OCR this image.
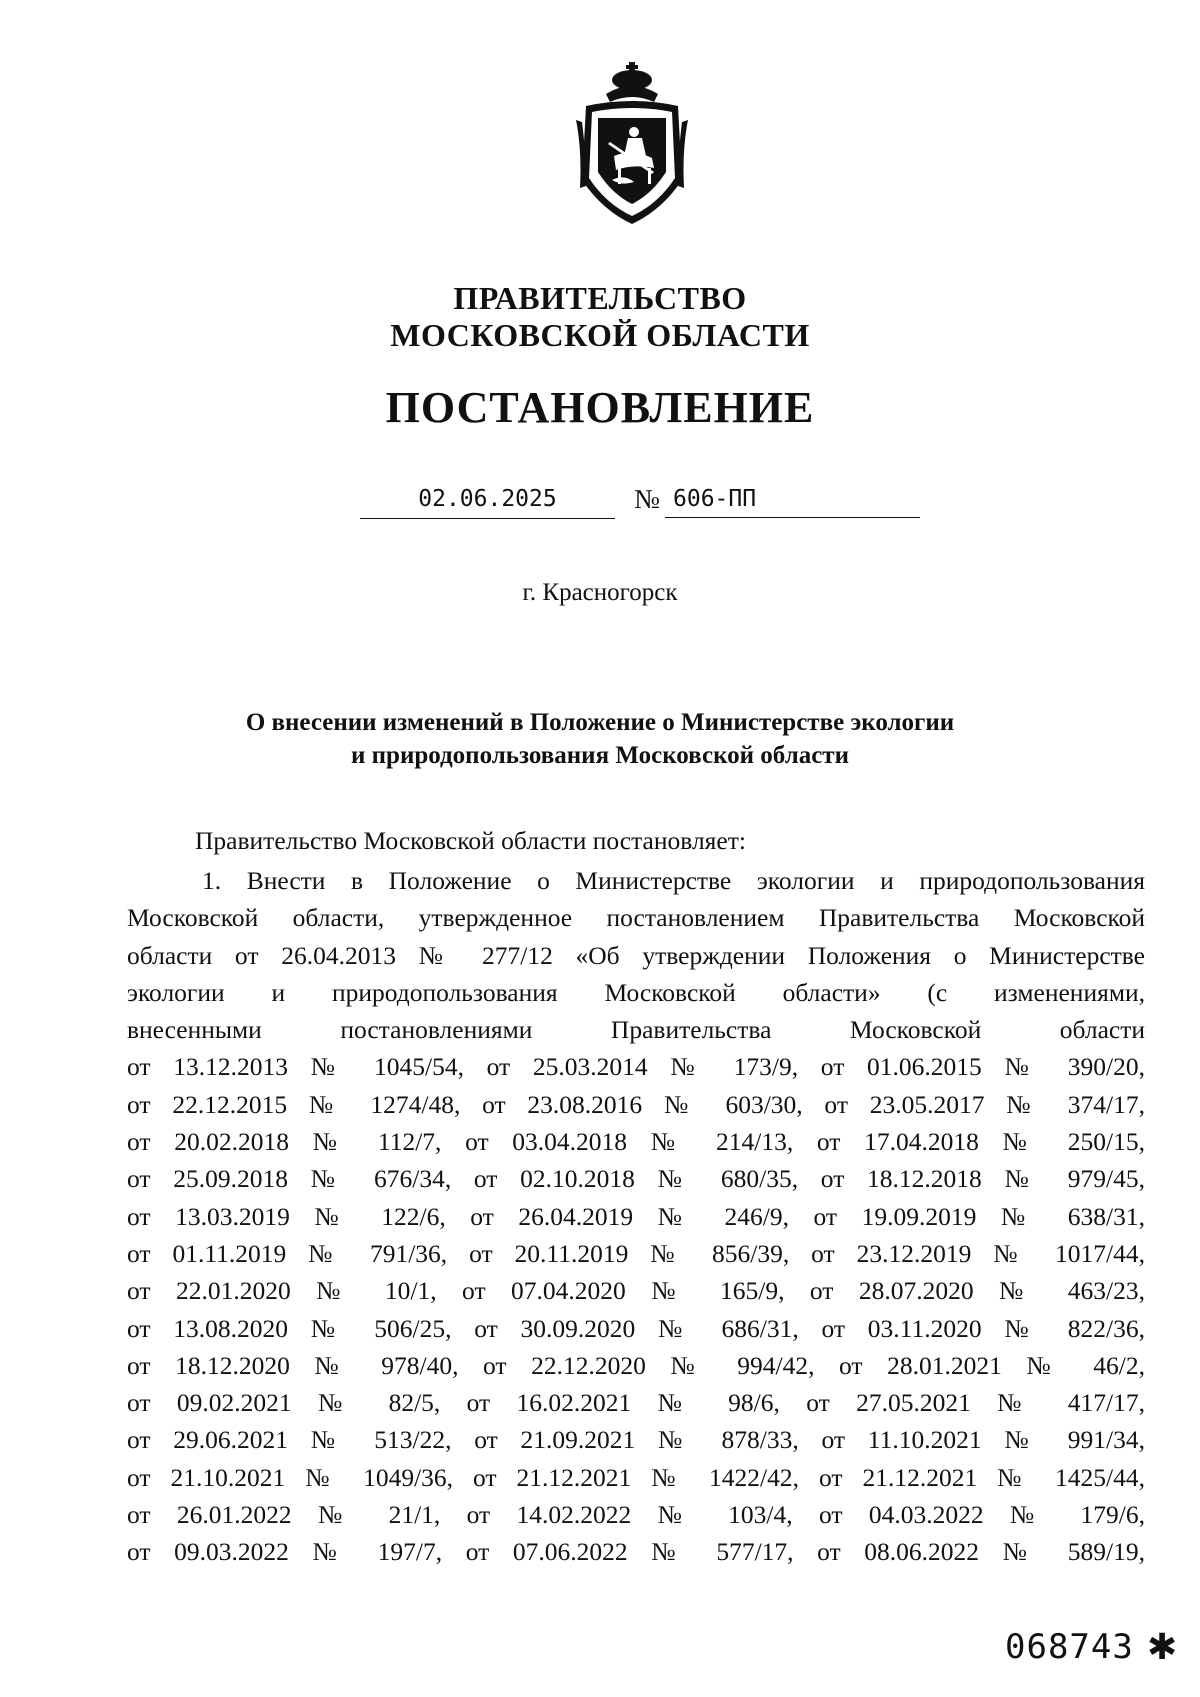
ПРАВИТЕЛЬСТВО
МОСКОВСКОЙ ОБЛАСТИ
ПОСТАНОВЛЕНИЕ
02.06.2025	№ 606-ПП
г. Красногорск
О внесении изменений в Положение о Министерстве экологии
и природопользования Московской области
Правительство Московской области постановляет:
1. Внести в Положение о Министерстве экологии и природопользования
Московской области, утвержденное постановлением Правительства Московской
области от 26.04.2013 № 277/12 «Об утверждении Положения о Министерстве
экологии и природопользования Московской области» (с изменениями,
внесенными постановлениями Правительства Московской области
от 13.12.2013 № 1045/54, от 25.03.2014 № 173/9, от 01.06.2015 № 390/20,
от 22.12.2015 № 1274/48, от 23.08.2016 № 603/30, от 23.05.2017 № 374/17,
от 20.02.2018 № 112/7, от 03.04.2018 № 214/13, от 17.04.2018 № 250/15,
от 25.09.2018 № 676/34, от 02.10.2018 № 680/35, от 18.12.2018 № 979/45,
от 13.03.2019 № 122/6, от 26.04.2019 № 246/9, от 19.09.2019 № 638/31,
от 01.11.2019 № 791/36, от 20.11.2019 № 856/39, от 23.12.2019 № 1017/44,
от 22.01.2020 № 10/1, от 07.04.2020 № 165/9, от 28.07.2020 № 463/23,
от 13.08.2020 № 506/25, от 30.09.2020 № 686/31, от 03.11.2020 № 822/36,
от 18.12.2020 № 978/40, от 22.12.2020 № 994/42, от 28.01.2021 № 46/2,
от 09.02.2021 № 82/5, от 16.02.2021 № 98/6, от 27.05.2021 № 417/17,
от 29.06.2021 № 513/22, от 21.09.2021 № 878/33, от 11.10.2021 № 991/34,
от 21.10.2021 № 1049/36, от 21.12.2021 № 1422/42, от 21.12.2021 № 1425/44,
от 26.01.2022 № 21/1, от 14.02.2022 № 103/4, от 04.03.2022 № 179/6,
от 09.03.2022 № 197/7, от 07.06.2022 № 577/17, от 08.06.2022 № 589/19,
068743 ✱
